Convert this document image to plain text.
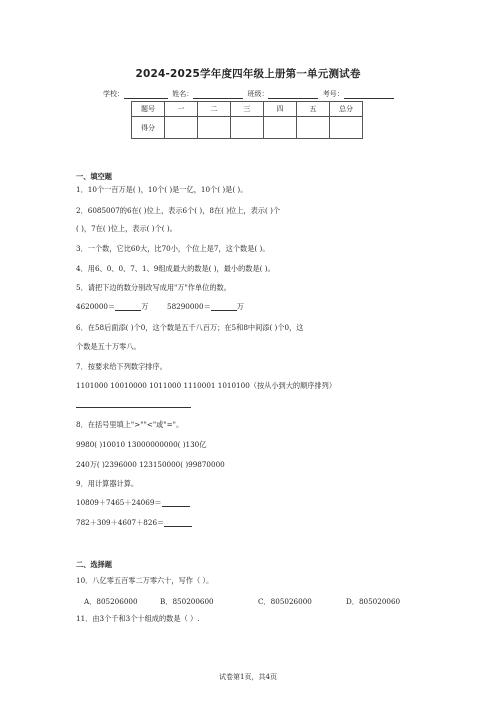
2024-2025学年度四年级上册第一单元测试卷
学校：	姓名：	班级：	考号：
题号	一	二	三	四	五	总分
得分						
一、填空题
1．10个一百万是( )，10个( )是一亿，10个( )是( )。
2．6085007的6在( )位上，表示6个( )，8在( )位上，表示( )个
( )，7在( )位上，表示( )个( )。
3．一个数，它比60大，比70小，个位上是7，这个数是( )。
4．用6、0、0、7、1、9组成最大的数是( )，最小的数是( )。
5．请把下边的数分别改写成用"万"作单位的数。
4620000＝	万	58290000＝	万
6．在58后面添( )个0，这个数是五千八百万；在5和8中间添( )个0，这
个数是五十万零八。
7．按要求给下列数字排序。
1101000 10010000 1011000 1110001 1010100（按从小到大的顺序排列）
8．在括号里填上">""<"或"="。
9980( )10010 13000000000( )130亿
240万( )2396000 123150000( )99870000
9．用计算器计算。
10809＋7465＋24069＝
782＋309＋4607＋826＝
二、选择题
10．八亿零五百零二万零六十，写作（ ）。
A．805206000	B．850200600	C．805026000	D．805020060
11．由3个千和3个十组成的数是（ ）.
试卷第1页，共4页
